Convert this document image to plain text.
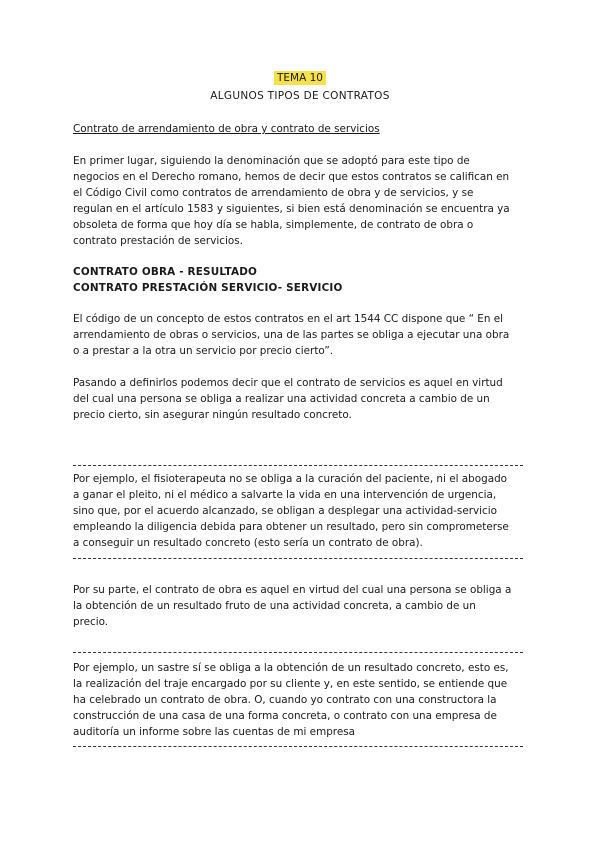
TEMA 10
ALGUNOS TIPOS DE CONTRATOS
Contrato de arrendamiento de obra y contrato de servicios
En primer lugar, siguiendo la denominación que se adoptó para este tipo de
negocios en el Derecho romano, hemos de decir que estos contratos se califican en
el Código Civil como contratos de arrendamiento de obra y de servicios, y se
regulan en el artículo 1583 y siguientes, si bien está denominación se encuentra ya
obsoleta de forma que hoy día se habla, simplemente, de contrato de obra o
contrato prestación de servicios.
CONTRATO OBRA - RESULTADO
CONTRATO PRESTACIÓN SERVICIO- SERVICIO
El código de un concepto de estos contratos en el art 1544 CC dispone que “ En el
arrendamiento de obras o servicios, una de las partes se obliga a ejecutar una obra
o a prestar a la otra un servicio por precio cierto”.
Pasando a definirlos podemos decir que el contrato de servicios es aquel en virtud
del cual una persona se obliga a realizar una actividad concreta a cambio de un
precio cierto, sin asegurar ningún resultado concreto.
Por ejemplo, el fisioterapeuta no se obliga a la curación del paciente, ni el abogado
a ganar el pleito, ni el médico a salvarte la vida en una intervención de urgencia,
sino que, por el acuerdo alcanzado, se obligan a desplegar una actividad-servicio
empleando la diligencia debida para obtener un resultado, pero sin comprometerse
a conseguir un resultado concreto (esto sería un contrato de obra).
Por su parte, el contrato de obra es aquel en virtud del cual una persona se obliga a
la obtención de un resultado fruto de una actividad concreta, a cambio de un
precio.
Por ejemplo, un sastre sí se obliga a la obtención de un resultado concreto, esto es,
la realización del traje encargado por su cliente y, en este sentido, se entiende que
ha celebrado un contrato de obra. O, cuando yo contrato con una constructora la
construcción de una casa de una forma concreta, o contrato con una empresa de
auditoría un informe sobre las cuentas de mi empresa
